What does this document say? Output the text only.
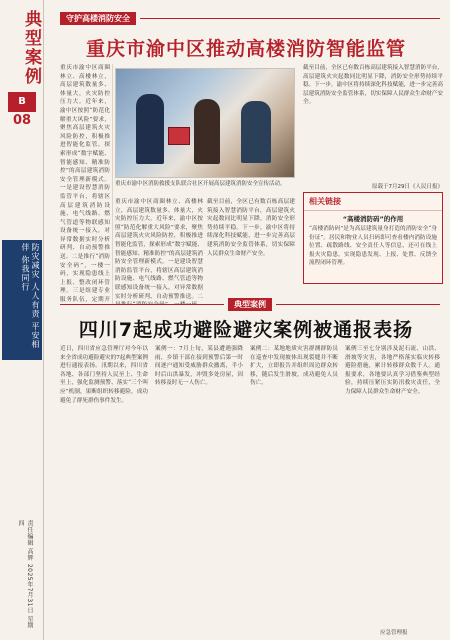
典型案例
B
08
防灾减灾 人人有责 平安相伴 你我同行
责任编辑 高辉 2025年7月31日 星期四
守护高楼消防安全
重庆市渝中区推动高楼消防智能监管
重庆市渝中区商圈林立、高楼林立，高层建筑数量多、体量大，火灾防控压力大。近年来，渝中区按照“防范化解重大风险”要求，聚焦高层建筑火灾风险防控，积极推进智能化监管，探索形成“数字赋能、智能感知、精准防控”的高层建筑消防安全管理新模式。一是建设智慧消防监管平台，将辖区高层建筑消防设施、电气线路、燃气管道等物联感知设备统一接入，对异常数据实时分析研判、自动预警推送。二是推行“消防安全码”，一楼一码，实现隐患线上上报、整改闭环管理。三是组建专业服务队伍，定期开
重庆市渝中区消防救援支队联合社区开展高层建筑消防安全宣传活动。
重庆市渝中区商圈林立、高楼林立，高层建筑数量多、体量大，火灾防控压力大。近年来，渝中区按照“防范化解重大风险”要求，聚焦高层建筑火灾风险防控，积极推进智能化监管，探索形成“数字赋能、智能感知、精准防控”的高层建筑消防安全管理新模式。一是建设智慧消防监管平台，将辖区高层建筑消防设施、电气线路、燃气管道等物联感知设备统一接入，对异常数据实时分析研判、自动预警推送。二
截至目前，全区已有数百栋高层建筑接入智慧消防平台，高层建筑火灾起数同比明显下降，消防安全形势持续平稳。下一步，渝中区将持续深化科技赋能，进一步完善高层建筑消防安全监管体系，切实保障人民群众生命财产安全。
截至目前，全区已有数百栋高层建筑接入智慧消防平台，高层建筑火灾起数同比明显下降，消防安全形势持续平稳。下一步，渝中区将持续深化科技赋能，进一步完善高层建筑消防安全监管体系，切实保障人民群众生命财产安全。
原载于7月29日《人民日报》
相关链接
“高楼消防码”的作用
“高楼消防码”是为高层建筑量身打造的消防安全“身份证”。居民和物业人员扫码即可查看楼内消防设施位置、疏散路线、安全责任人等信息，还可在线上报火灾隐患，实现隐患发现、上报、处置、反馈全流程闭环管理。
典型案例
四川7起成功避险避灾案例被通报表扬
近日，四川省应急管理厅对今年以来全省成功避险避灾的7起典型案例进行通报表扬。汛期以来，四川省各地、各部门坚持人民至上、生命至上，强化监测预警、落实“三个叫应”机制，果断组织转移避险，成功避免了群死群伤事件发生。
案例一：7月上旬，某县遭遇强降雨，乡镇干部在接到预警后第一时间逐户通知受威胁群众撤离，半小时后山洪暴发，冲毁多处房屋，因转移及时无一人伤亡。
案例二：某地地质灾害群测群防员在巡查中发现坡体出现裂缝并不断扩大，立即报告并组织周边群众转移，随后发生滑坡，成功避免人员伤亡。
案例三至七分别涉及泥石流、山洪、滑坡等灾害，各地严格落实临灾转移避险措施，累计转移群众数千人。通报要求，各地要认真学习借鉴典型经验，持续压紧压实防汛救灾责任，全力保障人民群众生命财产安全。
应急管理报
